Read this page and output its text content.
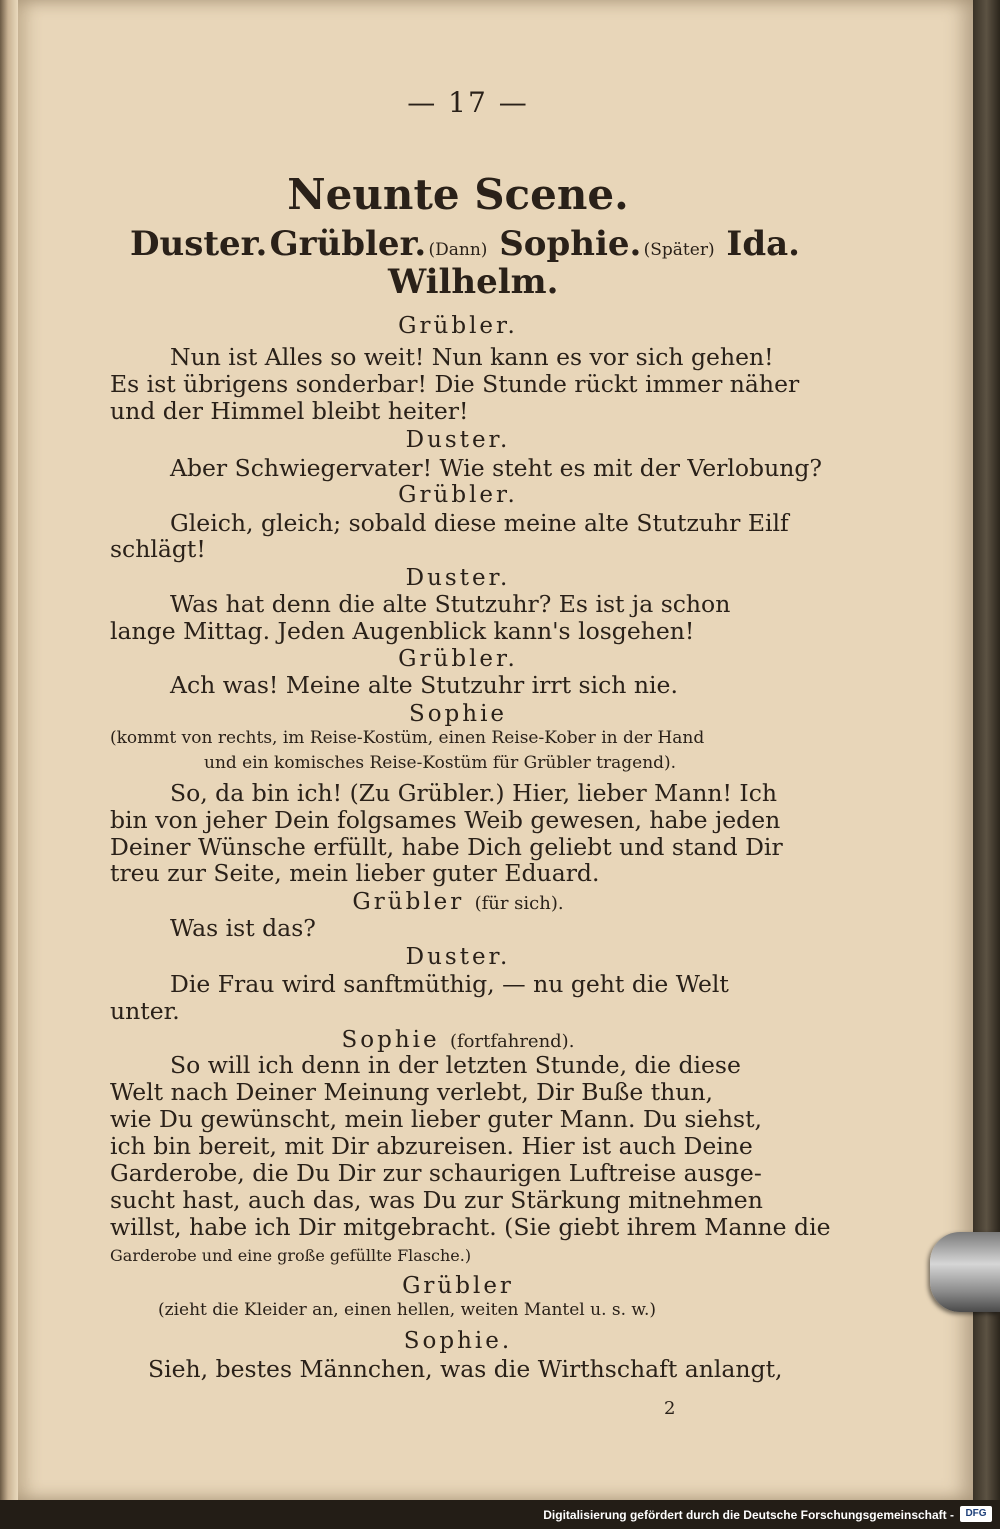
— 17 —
Neunte Scene.
Duster. Grübler. (Dann) Sophie. (Später) Ida.
Wilhelm.
Grübler.
Nun ist Alles so weit! Nun kann es vor sich gehen!
Es ist übrigens sonderbar! Die Stunde rückt immer näher
und der Himmel bleibt heiter!
Duster.
Aber Schwiegervater! Wie steht es mit der Verlobung?
Grübler.
Gleich, gleich; sobald diese meine alte Stutzuhr Eilf
schlägt!
Duster.
Was hat denn die alte Stutzuhr? Es ist ja schon
lange Mittag. Jeden Augenblick kann's losgehen!
Grübler.
Ach was! Meine alte Stutzuhr irrt sich nie.
Sophie
(kommt von rechts, im Reise-Kostüm, einen Reise-Kober in der Hand
und ein komisches Reise-Kostüm für Grübler tragend).
So, da bin ich! (Zu Grübler.) Hier, lieber Mann! Ich
bin von jeher Dein folgsames Weib gewesen, habe jeden
Deiner Wünsche erfüllt, habe Dich geliebt und stand Dir
treu zur Seite, mein lieber guter Eduard.
Grübler (für sich).
Was ist das?
Duster.
Die Frau wird sanftmüthig, — nu geht die Welt
unter.
Sophie (fortfahrend).
So will ich denn in der letzten Stunde, die diese
Welt nach Deiner Meinung verlebt, Dir Buße thun,
wie Du gewünscht, mein lieber guter Mann. Du siehst,
ich bin bereit, mit Dir abzureisen. Hier ist auch Deine
Garderobe, die Du Dir zur schaurigen Luftreise ausge-
sucht hast, auch das, was Du zur Stärkung mitnehmen
willst, habe ich Dir mitgebracht. (Sie giebt ihrem Manne die
Garderobe und eine große gefüllte Flasche.)
Grübler
(zieht die Kleider an, einen hellen, weiten Mantel u. s. w.)
Sophie.
Sieh, bestes Männchen, was die Wirthschaft anlangt,
2
Digitalisierung gefördert durch die Deutsche Forschungsgemeinschaft -	DFG
